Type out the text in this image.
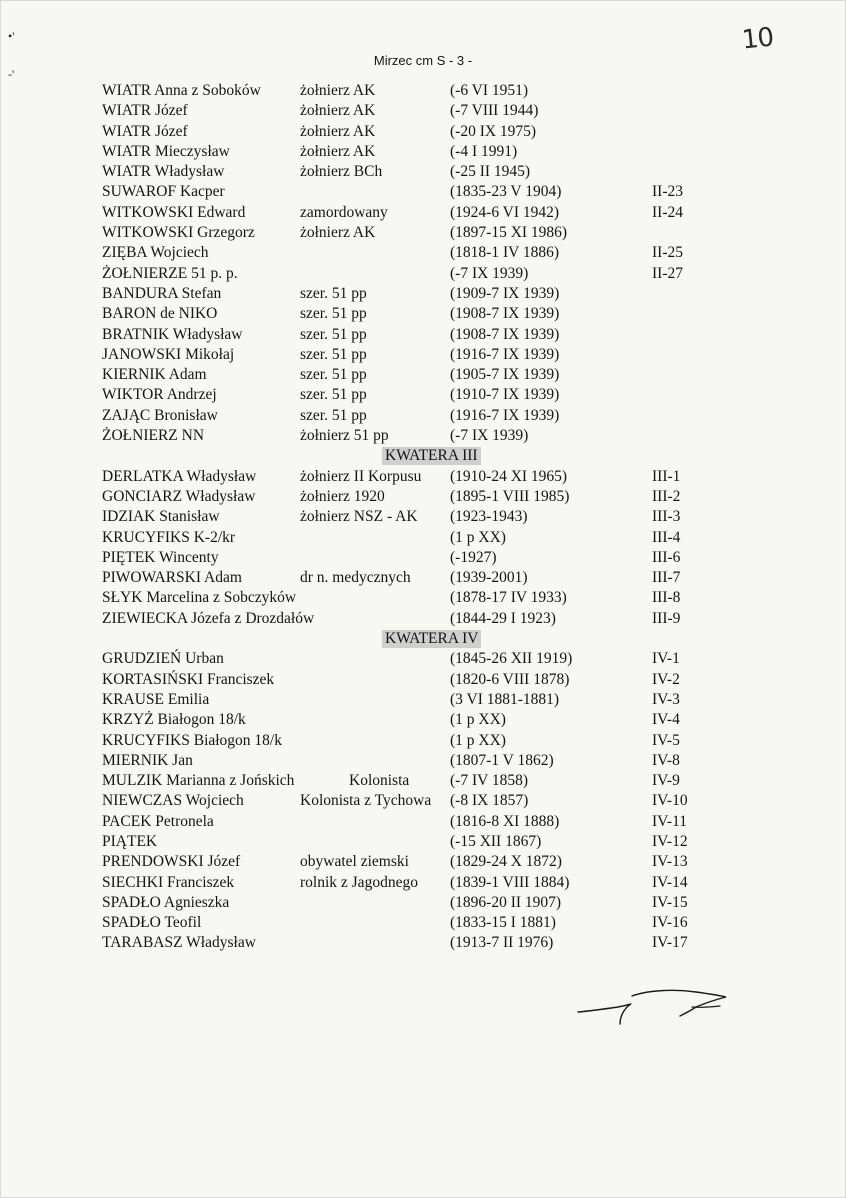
•'
-'
10
Mirzec cm S - 3 -
WIATR Anna z Soboków	żołnierz AK	(-6 VI 1951)
WIATR Józef	żołnierz AK	(-7 VIII 1944)
WIATR Józef	żołnierz AK	(-20 IX 1975)
WIATR Mieczysław	żołnierz AK	(-4 I 1991)
WIATR Władysław	żołnierz BCh	(-25 II 1945)
SUWAROF Kacper	(1835-23 V 1904)	II-23
WITKOWSKI Edward	zamordowany	(1924-6 VI 1942)	II-24
WITKOWSKI Grzegorz	żołnierz AK	(1897-15 XI 1986)
ZIĘBA Wojciech	(1818-1 IV 1886)	II-25
ŻOŁNIERZE 51 p. p.	(-7 IX 1939)	II-27
BANDURA Stefan	szer. 51 pp	(1909-7 IX 1939)
BARON de NIKO	szer. 51 pp	(1908-7 IX 1939)
BRATNIK Władysław	szer. 51 pp	(1908-7 IX 1939)
JANOWSKI Mikołaj	szer. 51 pp	(1916-7 IX 1939)
KIERNIK Adam	szer. 51 pp	(1905-7 IX 1939)
WIKTOR Andrzej	szer. 51 pp	(1910-7 IX 1939)
ZAJĄC Bronisław	szer. 51 pp	(1916-7 IX 1939)
ŻOŁNIERZ NN	żołnierz 51 pp	(-7 IX 1939)
KWATERA III
DERLATKA Władysław	żołnierz II Korpusu (1910-24 XI 1965)	III-1
GONCIARZ Władysław	żołnierz 1920	(1895-1 VIII 1985)	III-2
IDZIAK Stanisław	żołnierz NSZ - AK (1923-1943)	III-3
KRUCYFIKS K-2/kr	(1 p XX)	III-4
PIĘTEK Wincenty	(-1927)	III-6
PIWOWARSKI Adam	dr n. medycznych	(1939-2001)	III-7
SŁYK Marcelina z Sobczyków	(1878-17 IV 1933)	III-8
ZIEWIECKA Józefa z Drozdałów	(1844-29 I 1923)	III-9
KWATERA IV
GRUDZIEŃ Urban	(1845-26 XII 1919)	IV-1
KORTASIŃSKI Franciszek	(1820-6 VIII 1878)	IV-2
KRAUSE Emilia	(3 VI 1881-1881)	IV-3
KRZYŻ Białogon 18/k	(1 p XX)	IV-4
KRUCYFIKS Białogon 18/k	(1 p XX)	IV-5
MIERNIK Jan	(1807-1 V 1862)	IV-8
MULZIK Marianna z Jońskich	Kolonista	(-7 IV 1858)	IV-9
NIEWCZAS Wojciech	Kolonista z Tychowa (-8 IX 1857)	IV-10
PACEK Petronela	(1816-8 XI 1888)	IV-11
PIĄTEK	(-15 XII 1867)	IV-12
PRENDOWSKI Józef	obywatel ziemski	(1829-24 X 1872)	IV-13
SIECHKI Franciszek	rolnik z Jagodnego (1839-1 VIII 1884)	IV-14
SPADŁO Agnieszka	(1896-20 II 1907)	IV-15
SPADŁO Teofil	(1833-15 I 1881)	IV-16
TARABASZ Władysław	(1913-7 II 1976)	IV-17
